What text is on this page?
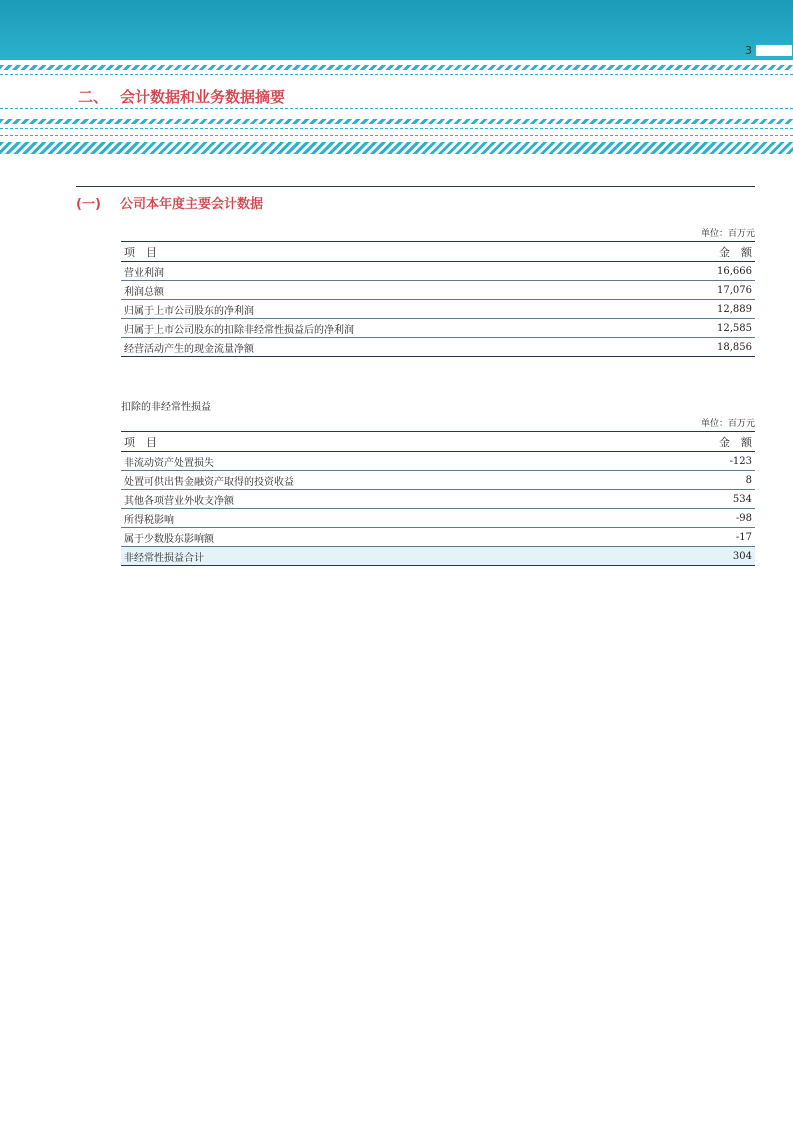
3
二、 会计数据和业务数据摘要
(一) 公司本年度主要会计数据
单位：百万元
项　目	金　额
营业利润	16,666
利润总额	17,076
归属于上市公司股东的净利润	12,889
归属于上市公司股东的扣除非经常性损益后的净利润	12,585
经营活动产生的现金流量净额	18,856
扣除的非经常性损益
单位：百万元
项　目	金　额
非流动资产处置损失	-123
处置可供出售金融资产取得的投资收益	8
其他各项营业外收支净额	534
所得税影响	-98
属于少数股东影响额	-17
非经常性损益合计	304
